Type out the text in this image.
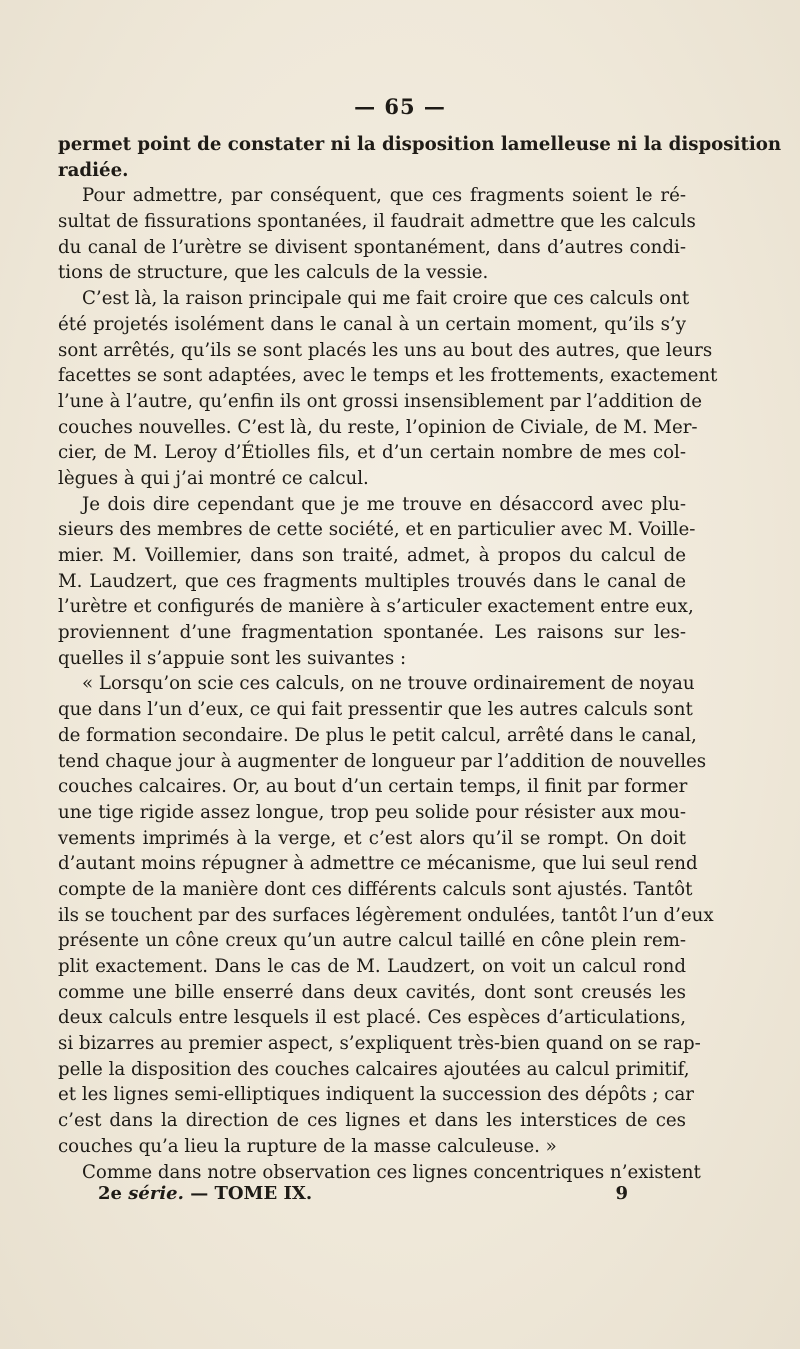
— 65 —
permet point de constater ni la disposition lamelleuse ni la disposition
radiée.
Pour admettre, par conséquent, que ces fragments soient le ré-
sultat de fissurations spontanées, il faudrait admettre que les calculs
du canal de l’urètre se divisent spontanément, dans d’autres condi-
tions de structure, que les calculs de la vessie.
C’est là, la raison principale qui me fait croire que ces calculs ont
été projetés isolément dans le canal à un certain moment, qu’ils s’y
sont arrêtés, qu’ils se sont placés les uns au bout des autres, que leurs
facettes se sont adaptées, avec le temps et les frottements, exactement
l’une à l’autre, qu’enfin ils ont grossi insensiblement par l’addition de
couches nouvelles. C’est là, du reste, l’opinion de Civiale, de M. Mer-
cier, de M. Leroy d’Étiolles fils, et d’un certain nombre de mes col-
lègues à qui j’ai montré ce calcul.
Je dois dire cependant que je me trouve en désaccord avec plu-
sieurs des membres de cette société, et en particulier avec M. Voille-
mier. M. Voillemier, dans son traité, admet, à propos du calcul de
M. Laudzert, que ces fragments multiples trouvés dans le canal de
l’urètre et configurés de manière à s’articuler exactement entre eux,
proviennent d’une fragmentation spontanée. Les raisons sur les-
quelles il s’appuie sont les suivantes :
« Lorsqu’on scie ces calculs, on ne trouve ordinairement de noyau
que dans l’un d’eux, ce qui fait pressentir que les autres calculs sont
de formation secondaire. De plus le petit calcul, arrêté dans le canal,
tend chaque jour à augmenter de longueur par l’addition de nouvelles
couches calcaires. Or, au bout d’un certain temps, il finit par former
une tige rigide assez longue, trop peu solide pour résister aux mou-
vements imprimés à la verge, et c’est alors qu’il se rompt. On doit
d’autant moins répugner à admettre ce mécanisme, que lui seul rend
compte de la manière dont ces différents calculs sont ajustés. Tantôt
ils se touchent par des surfaces légèrement ondulées, tantôt l’un d’eux
présente un cône creux qu’un autre calcul taillé en cône plein rem-
plit exactement. Dans le cas de M. Laudzert, on voit un calcul rond
comme une bille enserré dans deux cavités, dont sont creusés les
deux calculs entre lesquels il est placé. Ces espèces d’articulations,
si bizarres au premier aspect, s’expliquent très-bien quand on se rap-
pelle la disposition des couches calcaires ajoutées au calcul primitif,
et les lignes semi-elliptiques indiquent la succession des dépôts ; car
c’est dans la direction de ces lignes et dans les interstices de ces
couches qu’a lieu la rupture de la masse calculeuse. »
Comme dans notre observation ces lignes concentriques n’existent
2e série. — TOME IX.	9
